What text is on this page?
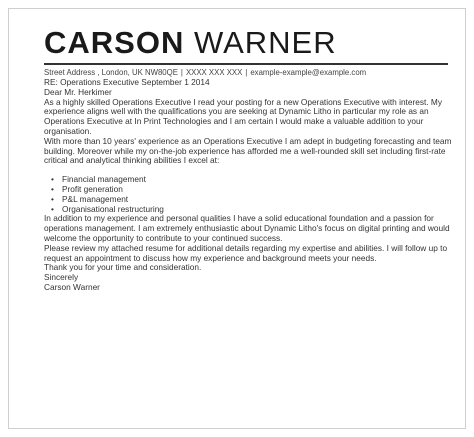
CARSON WARNER
Street Address , London, UK NW80QE | XXXX XXX XXX | example-example@example.com

RE: Operations Executive September 1 2014

Dear Mr. Herkimer

As a highly skilled Operations Executive I read your posting for a new Operations Executive with interest. My experience aligns well with the qualifications you are seeking at Dynamic Litho in particular my role as an Operations Executive at In Print Technologies and I am certain I would make a valuable addition to your organisation.

With more than 10 years' experience as an Operations Executive I am adept in budgeting forecasting and team building. Moreover while my on-the-job experience has afforded me a well-rounded skill set including first-rate critical and analytical thinking abilities I excel at:

• Financial management
• Profit generation
• P&L management
• Organisational restructuring

In addition to my experience and personal qualities I have a solid educational foundation and a passion for operations management. I am extremely enthusiastic about Dynamic Litho's focus on digital printing and would welcome the opportunity to contribute to your continued success.

Please review my attached resume for additional details regarding my expertise and abilities. I will follow up to request an appointment to discuss how my experience and background meets your needs.

Thank you for your time and consideration.

Sincerely

Carson Warner
